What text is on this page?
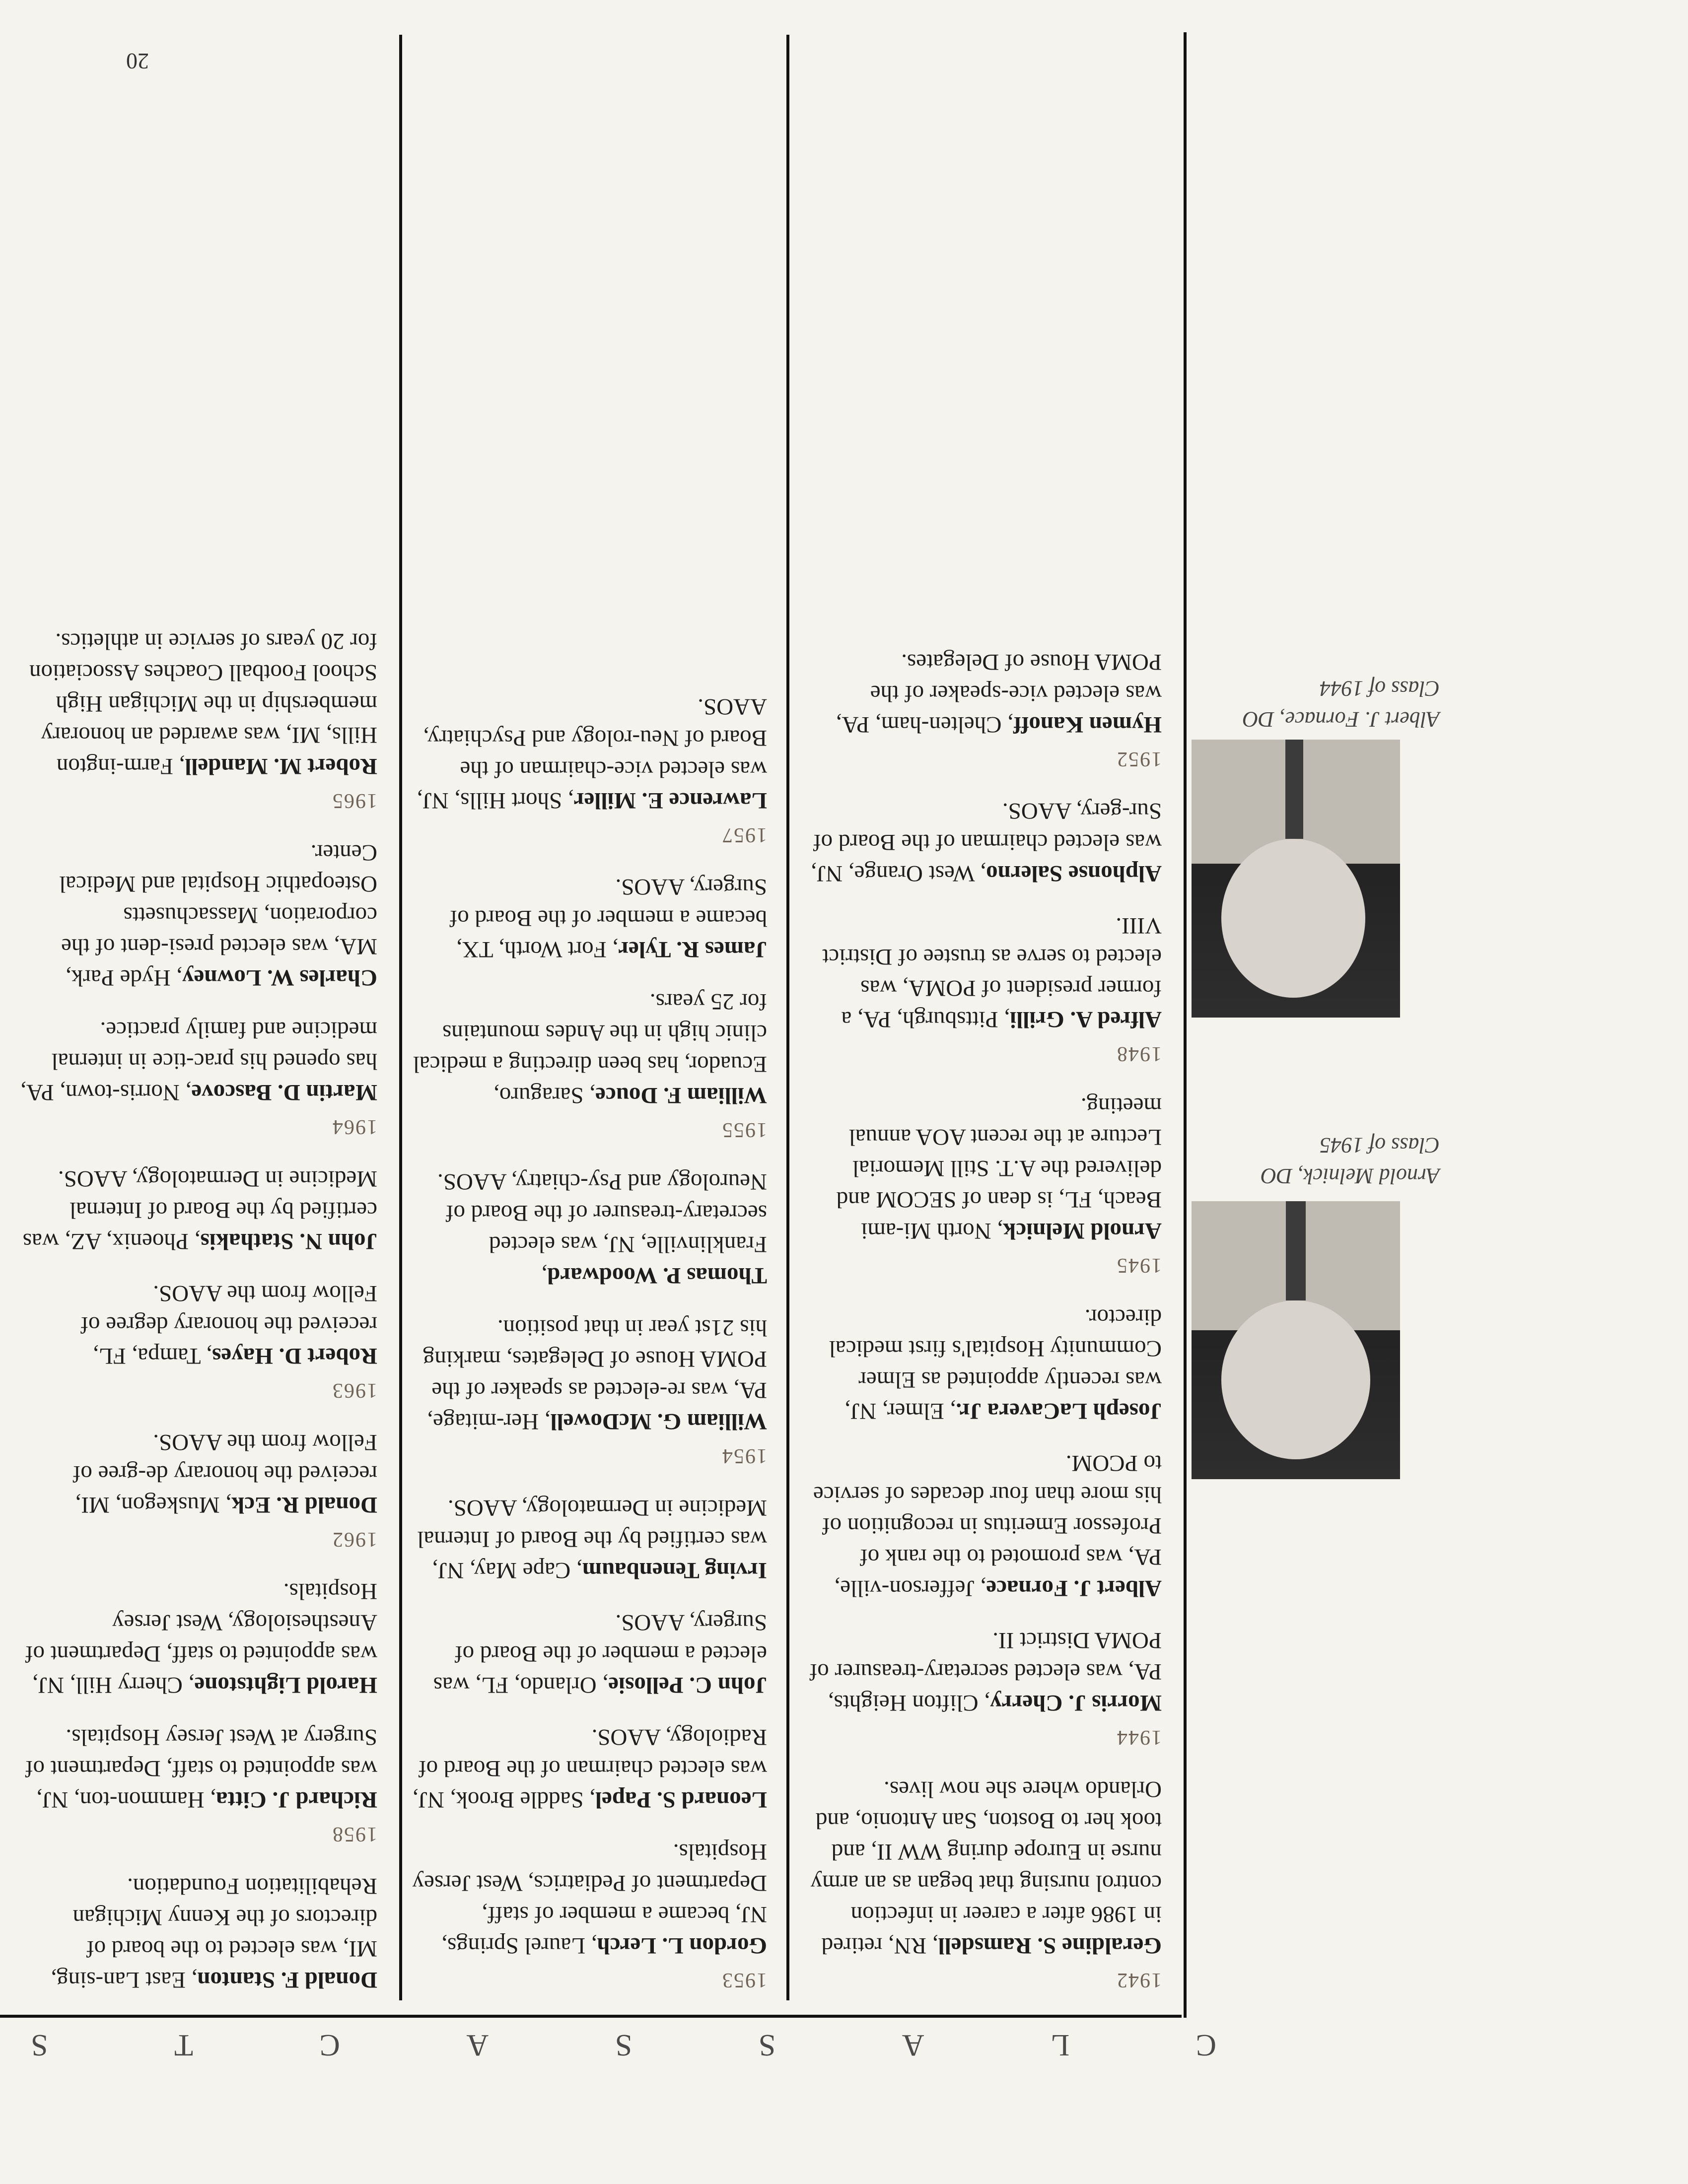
20
Arnold Melnick, DO
Class of 1945
Albert J. Fornace, DO
Class of 1944
C
L
A
S
S
A
C
T
S
1942
Geraldine S. Ramsdell, RN, retired in 1986 after a career in infection control nursing that began as an army nurse in Europe during WW II, and took her to Boston, San Antonio, and Orlando where she now lives.
1944
Morris J. Cherry, Clifton Heights, PA, was elected secretary-treasurer of POMA District II.
Albert J. Fornace, Jefferson-ville, PA, was promoted to the rank of Professor Emeritus in recognition of his more than four decades of service to PCOM.
Joseph LaCavera Jr., Elmer, NJ, was recently appointed as Elmer Community Hospital's first medical director.
1945
Arnold Melnick, North Mi-ami Beach, FL, is dean of SECOM and delivered the A.T. Still Memorial Lecture at the recent AOA annual meeting.
1948
Alfred A. Grilli, Pittsburgh, PA, a former president of POMA, was elected to serve as trustee of District VIII.
Alphonse Salerno, West Orange, NJ, was elected chairman of the Board of Sur-gery, AAOS.
1952
Hymen Kanoff, Chelten-ham, PA, was elected vice-speaker of the POMA House of Delegates.
1953
Gordon L. Lerch, Laurel Springs, NJ, became a member of staff, Department of Pediatrics, West Jersey Hospitals.
Leonard S. Papel, Saddle Brook, NJ, was elected chairman of the Board of Radiology, AAOS.
John C. Pellosie, Orlando, FL, was elected a member of the Board of Surgery, AAOS.
Irving Tenenbaum, Cape May, NJ, was certified by the Board of Internal Medicine in Dermatology, AAOS.
1954
William G. McDowell, Her-mitage, PA, was re-elected as speaker of the POMA House of Delegates, marking his 21st year in that position.
Thomas P. Woodward, Franklinville, NJ, was elected secretary-treasurer of the Board of Neurology and Psy-chiatry, AAOS.
1955
William F. Douce, Saraguro, Ecuador, has been directing a medical clinic high in the Andes mountains for 25 years.
James R. Tyler, Fort Worth, TX, became a member of the Board of Surgery, AAOS.
1957
Lawrence E. Miller, Short Hills, NJ, was elected vice-chairman of the Board of Neu-rology and Psychiatry, AAOS.
Donald F. Stanton, East Lan-sing, MI, was elected to the board of directors of the Kenny Michigan Rehabilitation Foundation.
1958
Richard J. Citta, Hammon-ton, NJ, was appointed to staff, Department of Surgery at West Jersey Hospitals.
Harold Lightstone, Cherry Hill, NJ, was appointed to staff, Department of Anesthesiology, West Jersey Hospitals.
1962
Donald R. Eck, Muskegon, MI, received the honorary de-gree of Fellow from the AAOS.
1963
Robert D. Hayes, Tampa, FL, received the honorary degree of Fellow from the AAOS.
John N. Stathakis, Phoenix, AZ, was certified by the Board of Internal Medicine in Dermatology, AAOS.
1964
Martin D. Bascove, Norris-town, PA, has opened his prac-tice in internal medicine and family practice.
Charles W. Lowney, Hyde Park, MA, was elected presi-dent of the corporation, Massachusetts Osteopathic Hospital and Medical Center.
1965
Robert M. Mandell, Farm-ington Hills, MI, was awarded an honorary membership in the Michigan High School Football Coaches Association for 20 years of service in athletics.
